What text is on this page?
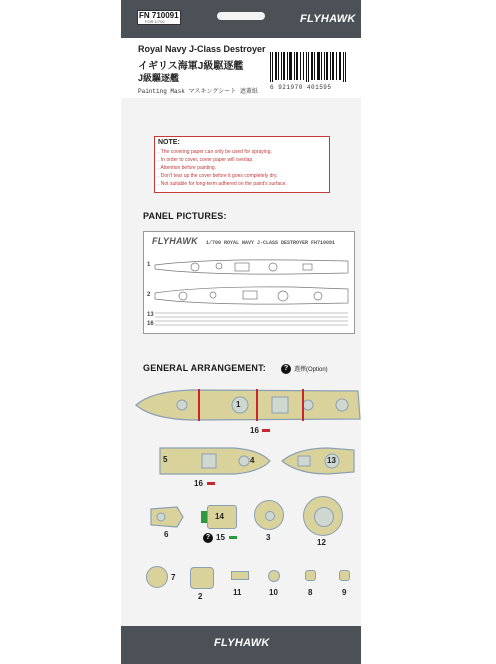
FN 710091
FOR 1/700	FLYHAWK
Royal Navy J-Class Destroyer
イギリス海軍J級駆逐艦
J級驅逐艦
Painting Mask マスキングシート 遮蓋紙
6 921970 401595
NOTE:
. The covering paper can only be used for spraying.
. In order to cover, cover paper will overlap.
. Attention before painting.
. Don't tear up the cover before it goes completely dry.
. Not suitable for long-term adhered on the paint's surface.
PANEL PICTURES:
FLYHAWK 1/700 ROYAL NAVY J-CLASS DESTROYER FH710091
1
2
13
16
GENERAL ARRANGEMENT:	? 選擇(Option)
1
16
5	4
16
13
6
14
? 15	3
12
7
2	11	10	8	9
FLYHAWK
